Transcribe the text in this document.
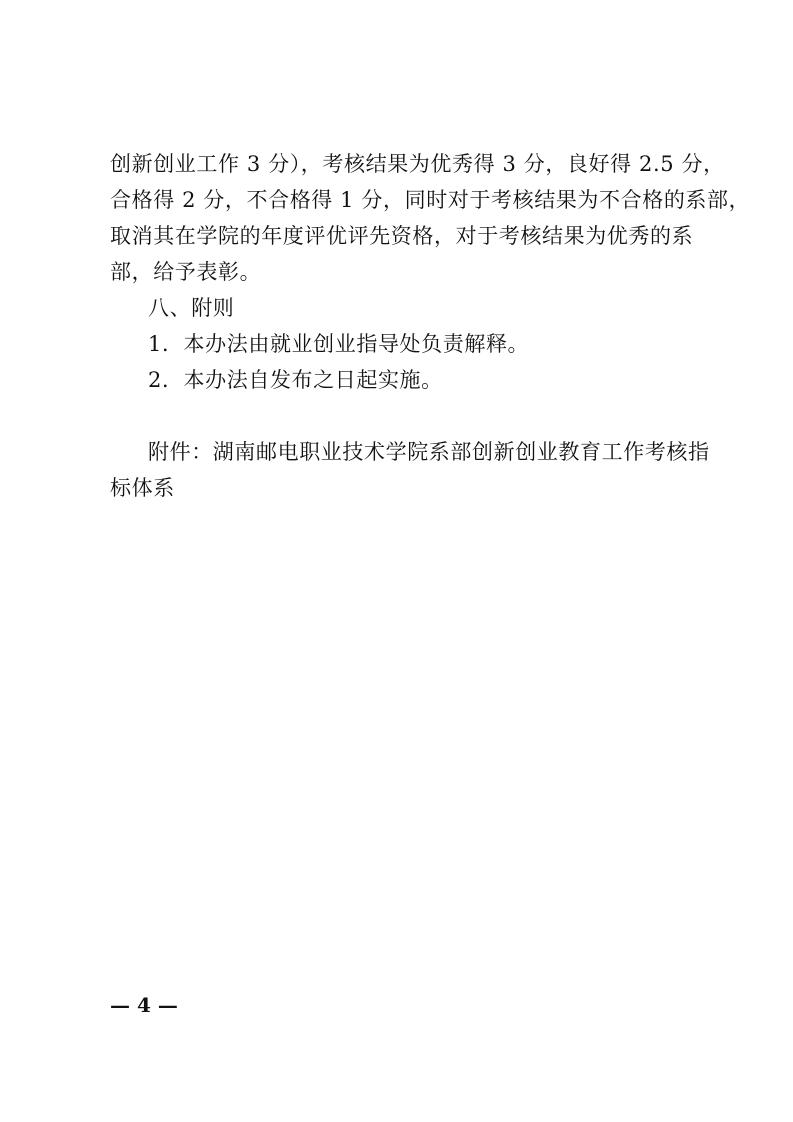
创新创业工作 3 分），考核结果为优秀得 3 分，良好得 2.5 分，
合格得 2 分，不合格得 1 分，同时对于考核结果为不合格的系部，
取消其在学院的年度评优评先资格，对于考核结果为优秀的系
部，给予表彰。
八、附则
1．本办法由就业创业指导处负责解释。
2．本办法自发布之日起实施。
附件：湖南邮电职业技术学院系部创新创业教育工作考核指
标体系
— 4 —
